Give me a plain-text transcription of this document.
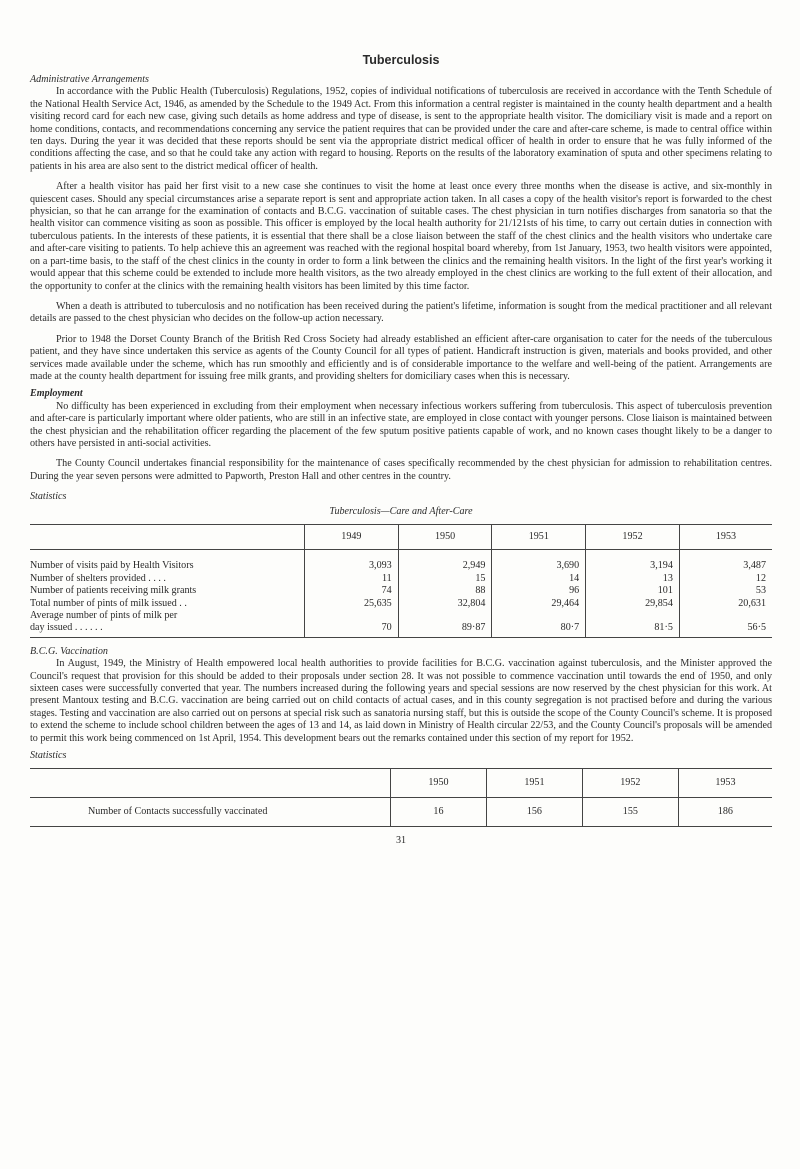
Tuberculosis
Administrative Arrangements

In accordance with the Public Health (Tuberculosis) Regulations, 1952, copies of individual notifications of tuberculosis are received in accordance with the Tenth Schedule of the National Health Service Act, 1946, as amended by the Schedule to the 1949 Act. From this information a central register is maintained in the county health department and a health visiting record card for each new case, giving such details as home address and type of disease, is sent to the appropriate health visitor. The domiciliary visit is made and a report on home conditions, contacts, and recommendations concerning any service the patient requires that can be provided under the care and after-care scheme, is made to central office within ten days. During the year it was decided that these reports should be sent via the appropriate district medical officer of health in order to ensure that he was fully informed of the conditions affecting the case, and so that he could take any action with regard to housing. Reports on the results of the laboratory examination of sputa and other specimens relating to patients in his area are also sent to the district medical officer of health.

After a health visitor has paid her first visit to a new case she continues to visit the home at least once every three months when the disease is active, and six-monthly in quiescent cases. Should any special circumstances arise a separate report is sent and appropriate action taken. In all cases a copy of the health visitor's report is forwarded to the chest physician, so that he can arrange for the examination of contacts and B.C.G. vaccination of suitable cases. The chest physician in turn notifies discharges from sanatoria so that the health visitor can commence visiting as soon as possible. This officer is employed by the local health authority for 21/121sts of his time, to carry out certain duties in connection with tuberculous patients. In the interests of these patients, it is essential that there shall be a close liaison between the staff of the chest clinics and the health visitors who undertake care and after-care visiting to patients. To help achieve this an agreement was reached with the regional hospital board whereby, from 1st January, 1953, two health visitors were appointed, on a part-time basis, to the staff of the chest clinics in the county in order to form a link between the clinics and the remaining health visitors. In the light of the first year's working it would appear that this scheme could be extended to include more health visitors, as the two already employed in the chest clinics are working to the full extent of their allocation, and the opportunity to confer at the clinics with the remaining health visitors has been limited by this time factor.

When a death is attributed to tuberculosis and no notification has been received during the patient's lifetime, information is sought from the medical practitioner and all relevant details are passed to the chest physician who decides on the follow-up action necessary.

Prior to 1948 the Dorset County Branch of the British Red Cross Society had already established an efficient after-care organisation to cater for the needs of the tuberculous patient, and they have since undertaken this service as agents of the County Council for all types of patient. Handicraft instruction is given, materials and books provided, and other services made available under the scheme, which has run smoothly and efficiently and is of considerable importance to the welfare and well-being of the patient. Arrangements are made at the county health department for issuing free milk grants, and providing shelters for domiciliary cases when this is necessary.

Employment

No difficulty has been experienced in excluding from their employment when necessary infectious workers suffering from tuberculosis. This aspect of tuberculosis prevention and after-care is particularly important where older patients, who are still in an infective state, are employed in close contact with younger persons. Close liaison is maintained between the chest physician and the rehabilitation officer regarding the placement of the few sputum positive patients capable of work, and no known cases thought likely to be a danger to others have persisted in anti-social activities.

The County Council undertakes financial responsibility for the maintenance of cases specifically recommended by the chest physician for admission to rehabilitation centres. During the year seven persons were admitted to Papworth, Preston Hall and other centres in the country.

Statistics
Tuberculosis—Care and After-Care
	1949	1950	1951	1952	1953
Number of visits paid by Health Visitors	3,093	2,949	3,690	3,194	3,487
Number of shelters provided . . . .	11	15	14	13	12
Number of patients receiving milk grants	74	88	96	101	53
Total number of pints of milk issued . .	25,635	32,804	29,464	29,854	20,631
Average number of pints of milk per					
day issued . . . . . .	70	89·87	80·7	81·5	56·5
B.C.G. Vaccination

In August, 1949, the Ministry of Health empowered local health authorities to provide facilities for B.C.G. vaccination against tuberculosis, and the Minister approved the Council's request that provision for this should be added to their proposals under section 28. It was not possible to commence vaccination until towards the end of 1950, and only sixteen cases were successfully converted that year. The numbers increased during the following years and special sessions are now reserved by the chest physician for this work. At present Mantoux testing and B.C.G. vaccination are being carried out on child contacts of actual cases, and in this county segregation is not practised before and during the various stages. Testing and vaccination are also carried out on persons at special risk such as sanatoria nursing staff, but this is outside the scope of the County Council's scheme. It is proposed to extend the scheme to include school children between the ages of 13 and 14, as laid down in Ministry of Health circular 22/53, and the County Council's proposals will be amended to permit this work being commenced on 1st April, 1954. This development bears out the remarks contained under this section of my report for 1952.

Statistics
	1950	1951	1952	1953
Number of Contacts successfully vaccinated	16	156	155	186
31
